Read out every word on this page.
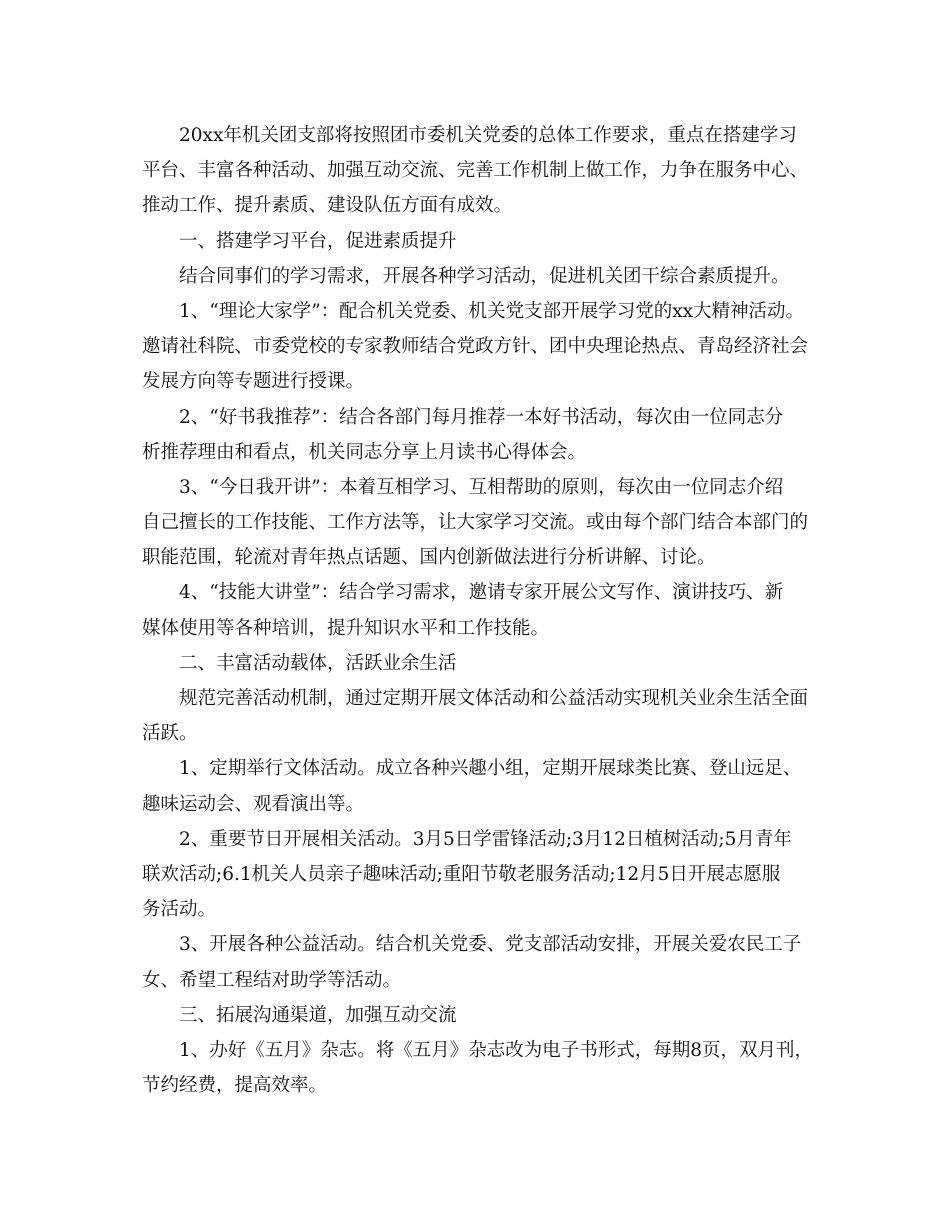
20xx年机关团支部将按照团市委机关党委的总体工作要求，重点在搭建学习
平台、丰富各种活动、加强互动交流、完善工作机制上做工作，力争在服务中心、
推动工作、提升素质、建设队伍方面有成效。
一、搭建学习平台，促进素质提升
结合同事们的学习需求，开展各种学习活动，促进机关团干综合素质提升。
1、“理论大家学”：配合机关党委、机关党支部开展学习党的xx大精神活动。
邀请社科院、市委党校的专家教师结合党政方针、团中央理论热点、青岛经济社会
发展方向等专题进行授课。
2、“好书我推荐”：结合各部门每月推荐一本好书活动，每次由一位同志分
析推荐理由和看点，机关同志分享上月读书心得体会。
3、“今日我开讲”：本着互相学习、互相帮助的原则，每次由一位同志介绍
自己擅长的工作技能、工作方法等，让大家学习交流。或由每个部门结合本部门的
职能范围，轮流对青年热点话题、国内创新做法进行分析讲解、讨论。
4、“技能大讲堂”：结合学习需求，邀请专家开展公文写作、演讲技巧、新
媒体使用等各种培训，提升知识水平和工作技能。
二、丰富活动载体，活跃业余生活
规范完善活动机制，通过定期开展文体活动和公益活动实现机关业余生活全面
活跃。
1、定期举行文体活动。成立各种兴趣小组，定期开展球类比赛、登山远足、
趣味运动会、观看演出等。
2、重要节日开展相关活动。3月5日学雷锋活动;3月12日植树活动;5月青年
联欢活动;6.1机关人员亲子趣味活动;重阳节敬老服务活动;12月5日开展志愿服
务活动。
3、开展各种公益活动。结合机关党委、党支部活动安排，开展关爱农民工子
女、希望工程结对助学等活动。
三、拓展沟通渠道，加强互动交流
1、办好《五月》杂志。将《五月》杂志改为电子书形式，每期8页，双月刊，
节约经费，提高效率。
